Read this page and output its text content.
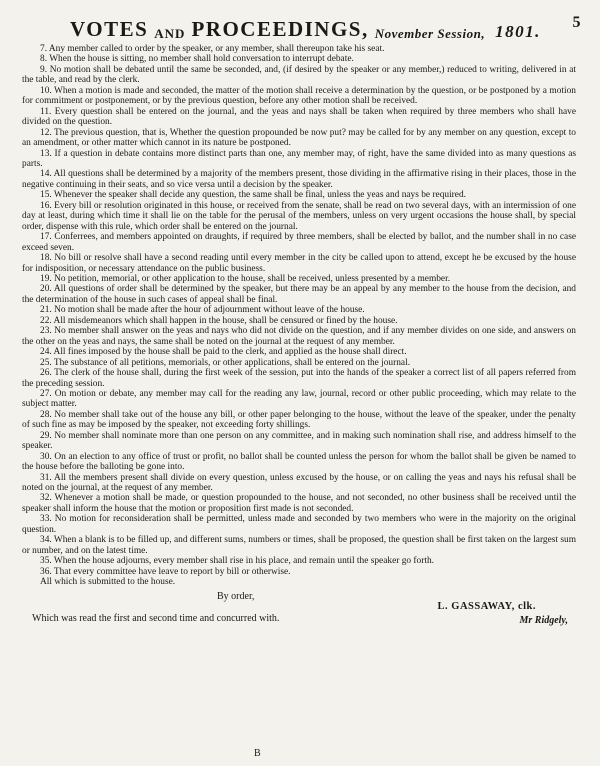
VOTES AND PROCEEDINGS, November Session, 1801. 5

7. Any member called to order by the speaker, or any member, shall thereupon take his seat.

8. When the house is sitting, no member shall hold conversation to interrupt debate.

9. No motion shall be debated until the same be seconded, and, (if desired by the speaker or any member,) reduced to writing, delivered in at the table, and read by the clerk.

10. When a motion is made and seconded, the matter of the motion shall receive a determination by the question, or be postponed by a motion for commitment or postponement, or by the previous question, before any other motion shall be received.

11. Every question shall be entered on the journal, and the yeas and nays shall be taken when required by three members who shall have divided on the question.

12. The previous question, that is, Whether the question propounded be now put? may be called for by any member on any question, except to an amendment, or other matter which cannot in its nature be postponed.

13. If a question in debate contains more distinct parts than one, any member may, of right, have the same divided into as many questions as parts.

14. All questions shall be determined by a majority of the members present, those dividing in the affirmative rising in their places, those in the negative continuing in their seats, and so vice versa until a decision by the speaker.

15. Whenever the speaker shall decide any question, the same shall be final, unless the yeas and nays be required.

16. Every bill or resolution originated in this house, or received from the senate, shall be read on two several days, with an intermission of one day at least, during which time it shall lie on the table for the perusal of the members, unless on very urgent occasions the house shall, by special order, dispense with this rule, which order shall be entered on the journal.

17. Conferrees, and members appointed on draughts, if required by three members, shall be elected by ballot, and the number shall in no case exceed seven.

18. No bill or resolve shall have a second reading until every member in the city be called upon to attend, except he be excused by the house for indisposition, or necessary attendance on the public business.

19. No petition, memorial, or other application to the house, shall be received, unless presented by a member.

20. All questions of order shall be determined by the speaker, but there may be an appeal by any member to the house from the decision, and the determination of the house in such cases of appeal shall be final.

21. No motion shall be made after the hour of adjournment without leave of the house.

22. All misdemeanors which shall happen in the house, shall be censured or fined by the house.

23. No member shall answer on the yeas and nays who did not divide on the question, and if any member divides on one side, and answers on the other on the yeas and nays, the same shall be noted on the journal at the request of any member.

24. All fines imposed by the house shall be paid to the clerk, and applied as the house shall direct.

25. The substance of all petitions, memorials, or other applications, shall be entered on the journal.

26. The clerk of the house shall, during the first week of the session, put into the hands of the speaker a correct list of all papers referred from the preceding session.

27. On motion or debate, any member may call for the reading any law, journal, record or other public proceeding, which may relate to the subject matter.

28. No member shall take out of the house any bill, or other paper belonging to the house, without the leave of the speaker, under the penalty of such fine as may be imposed by the speaker, not exceeding forty shillings.

29. No member shall nominate more than one person on any committee, and in making such nomination shall rise, and address himself to the speaker.

30. On an election to any office of trust or profit, no ballot shall be counted unless the person for whom the ballot shall be given be named to the house before the balloting be gone into.

31. All the members present shall divide on every question, unless excused by the house, or on calling the yeas and nays his refusal shall be noted on the journal, at the request of any member.

32. Whenever a motion shall be made, or question propounded to the house, and not seconded, no other business shall be received until the speaker shall inform the house that the motion or proposition first made is not seconded.

33. No motion for reconsideration shall be permitted, unless made and seconded by two members who were in the majority on the original question.

34. When a blank is to be filled up, and different sums, numbers or times, shall be proposed, the question shall be first taken on the largest sum or number, and on the latest time.

35. When the house adjourns, every member shall rise in his place, and remain until the speaker go forth.

36. That every committee have leave to report by bill or otherwise.

All which is submitted to the house.

By order,
L. GASSAWAY, clk.
Which was read the first and second time and concurred with.	Mr Ridgely,
B
